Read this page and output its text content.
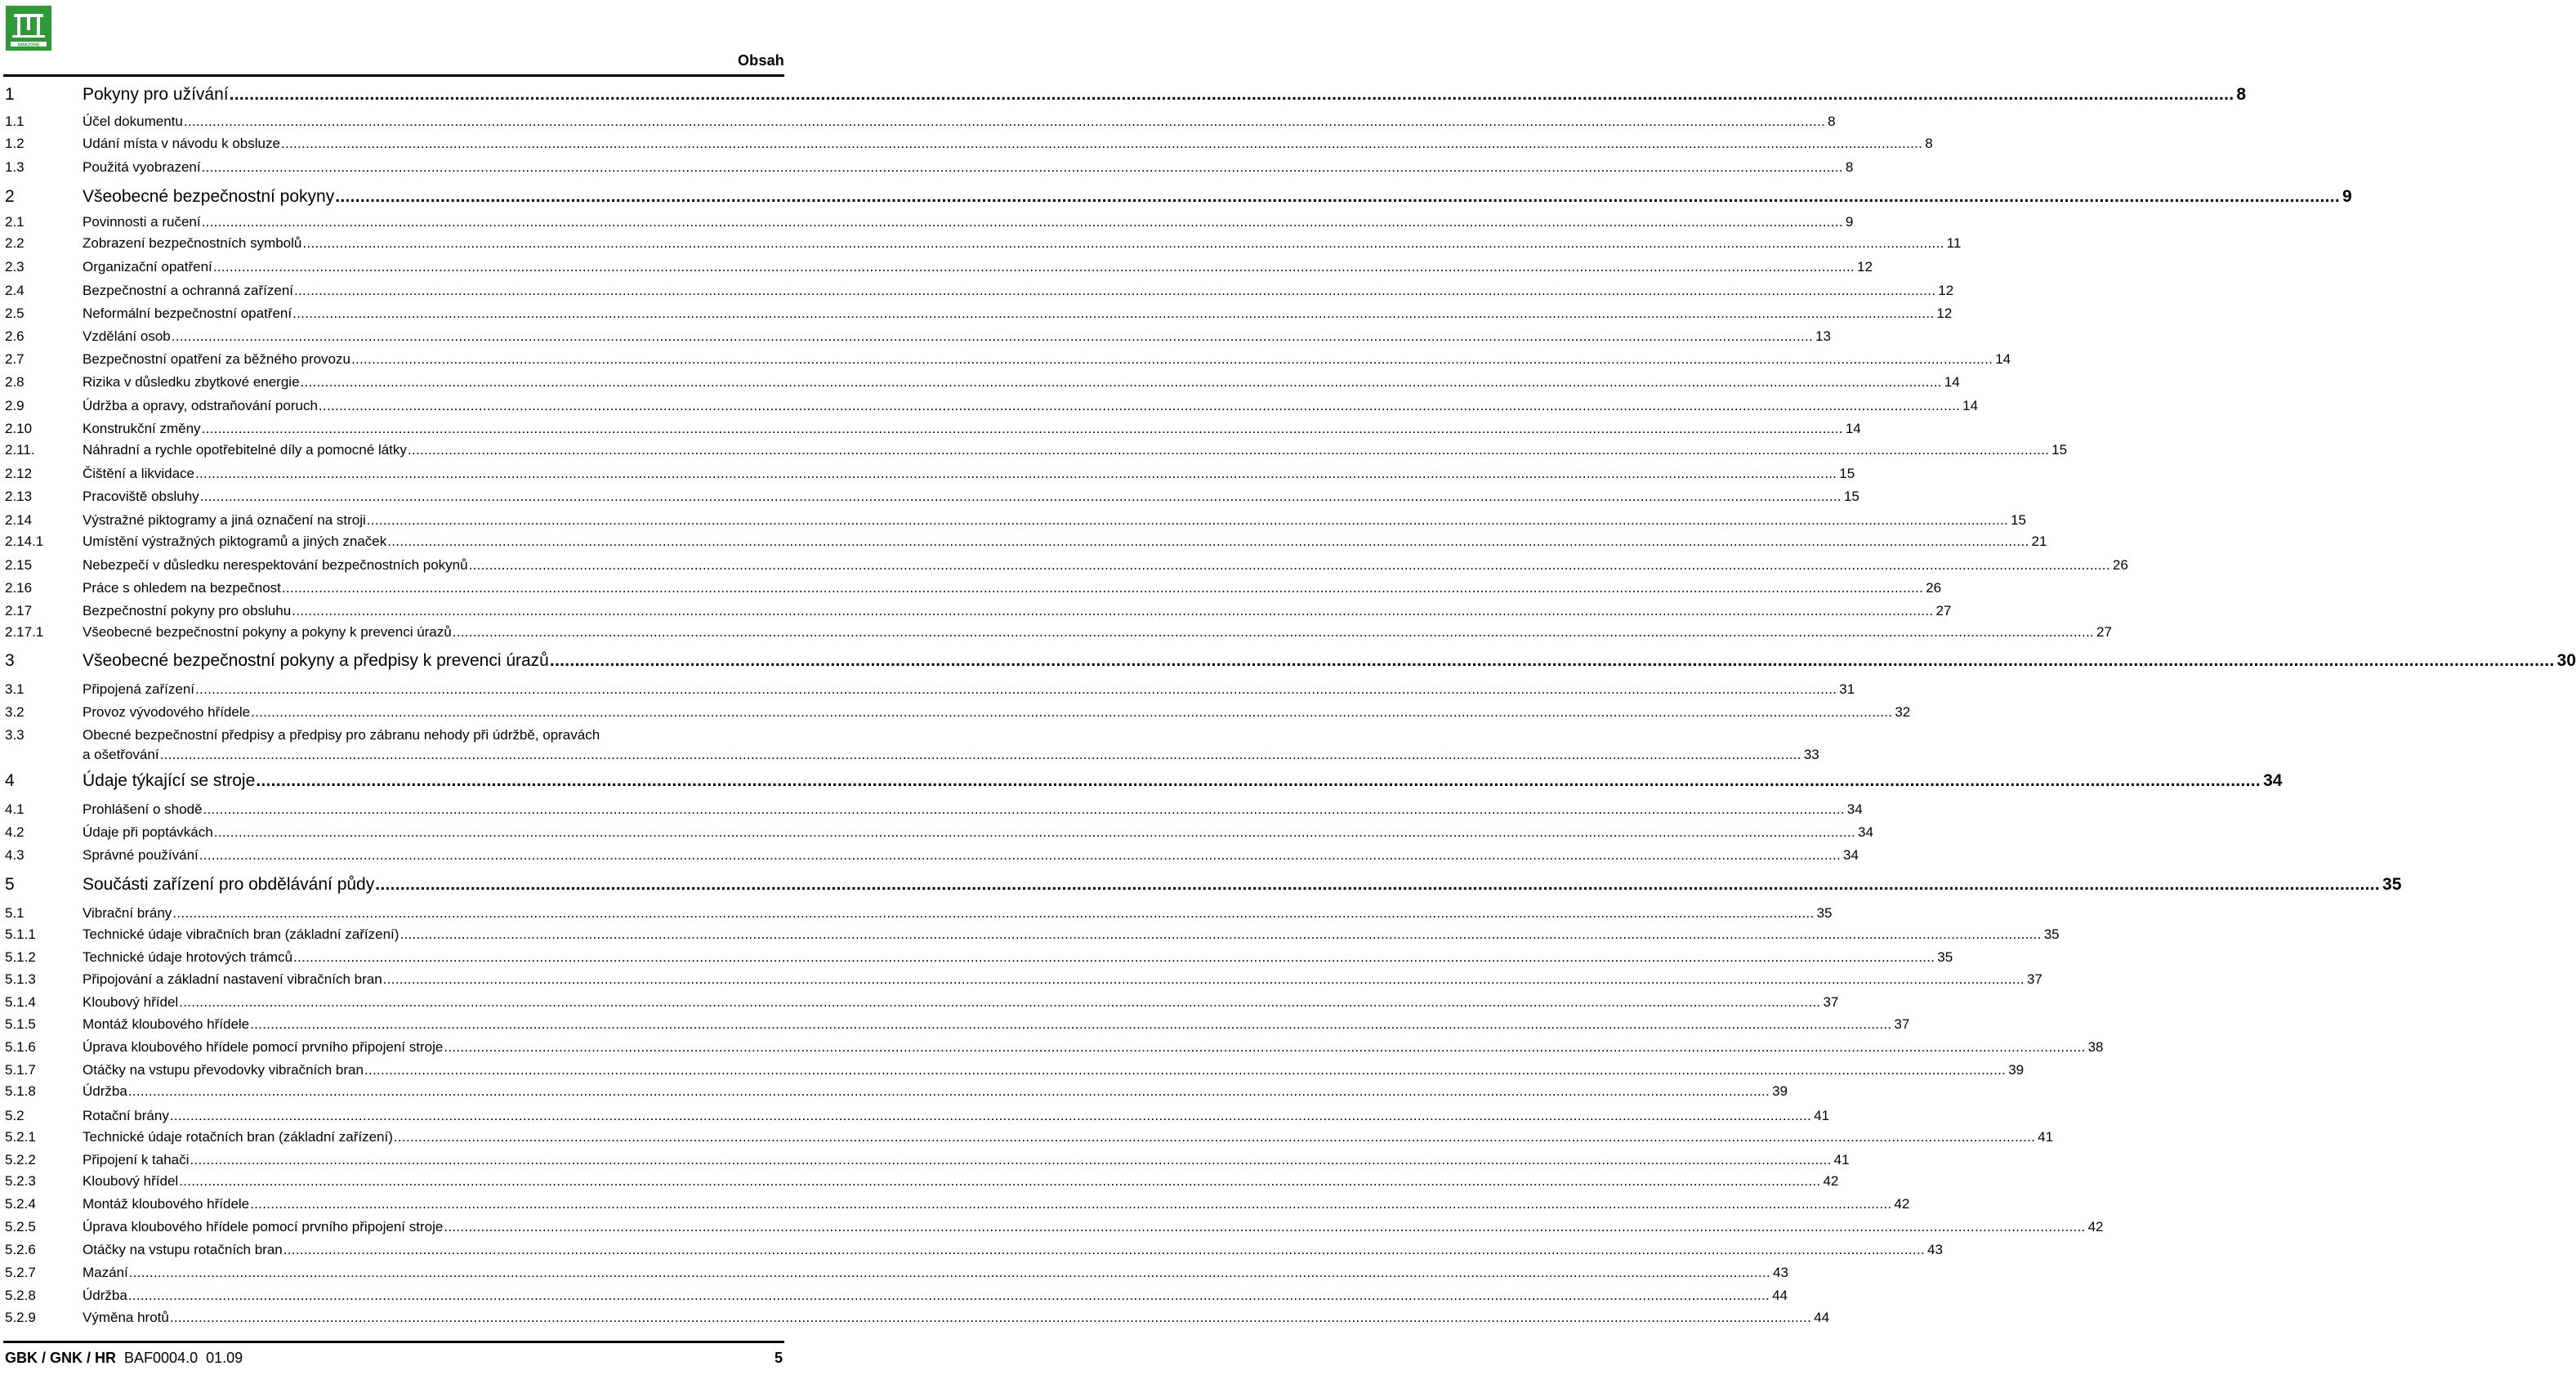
AMAZONE
Obsah
1	Pokyny pro užívání ................................................................................................................................................................................................................................................................................................................................................................................................................ 8
1.1	Účel dokumentu ................................................................................................................................................................................................................................................................................................................................................................................................................ 8
1.2	Udání místa v návodu k obsluze ................................................................................................................................................................................................................................................................................................................................................................................................................ 8
1.3	Použitá vyobrazení ................................................................................................................................................................................................................................................................................................................................................................................................................ 8
2	Všeobecné bezpečnostní pokyny ................................................................................................................................................................................................................................................................................................................................................................................................................ 9
2.1	Povinnosti a ručení ................................................................................................................................................................................................................................................................................................................................................................................................................ 9
2.2	Zobrazení bezpečnostních symbolů ................................................................................................................................................................................................................................................................................................................................................................................................................ 11
2.3	Organizační opatření ................................................................................................................................................................................................................................................................................................................................................................................................................ 12
2.4	Bezpečnostní a ochranná zařízení ................................................................................................................................................................................................................................................................................................................................................................................................................ 12
2.5	Neformální bezpečnostní opatření ................................................................................................................................................................................................................................................................................................................................................................................................................ 12
2.6	Vzdělání osob ................................................................................................................................................................................................................................................................................................................................................................................................................ 13
2.7	Bezpečnostní opatření za běžného provozu ................................................................................................................................................................................................................................................................................................................................................................................................................ 14
2.8	Rizika v důsledku zbytkové energie ................................................................................................................................................................................................................................................................................................................................................................................................................ 14
2.9	Údržba a opravy, odstraňování poruch ................................................................................................................................................................................................................................................................................................................................................................................................................ 14
2.10	Konstrukční změny ................................................................................................................................................................................................................................................................................................................................................................................................................ 14
2.11.	Náhradní a rychle opotřebitelné díly a pomocné látky ................................................................................................................................................................................................................................................................................................................................................................................................................ 15
2.12	Čištění a likvidace ................................................................................................................................................................................................................................................................................................................................................................................................................ 15
2.13	Pracoviště obsluhy ................................................................................................................................................................................................................................................................................................................................................................................................................ 15
2.14	Výstražné piktogramy a jiná označení na stroji ................................................................................................................................................................................................................................................................................................................................................................................................................ 15
2.14.1	Umístění výstražných piktogramů a jiných značek ................................................................................................................................................................................................................................................................................................................................................................................................................ 21
2.15	Nebezpečí v důsledku nerespektování bezpečnostních pokynů ................................................................................................................................................................................................................................................................................................................................................................................................................ 26
2.16	Práce s ohledem na bezpečnost ................................................................................................................................................................................................................................................................................................................................................................................................................ 26
2.17	Bezpečnostní pokyny pro obsluhu ................................................................................................................................................................................................................................................................................................................................................................................................................ 27
2.17.1	Všeobecné bezpečnostní pokyny a pokyny k prevenci úrazů ................................................................................................................................................................................................................................................................................................................................................................................................................ 27
3	Všeobecné bezpečnostní pokyny a předpisy k prevenci úrazů ................................................................................................................................................................................................................................................................................................................................................................................................................ 30
3.1	Připojená zařízení ................................................................................................................................................................................................................................................................................................................................................................................................................ 31
3.2	Provoz vývodového hřídele ................................................................................................................................................................................................................................................................................................................................................................................................................ 32
3.3	Obecné bezpečnostní předpisy a předpisy pro zábranu nehody při údržbě, opravách
a ošetřování ................................................................................................................................................................................................................................................................................................................................................................................................................ 33
4	Údaje týkající se stroje ................................................................................................................................................................................................................................................................................................................................................................................................................ 34
4.1	Prohlášení o shodě ................................................................................................................................................................................................................................................................................................................................................................................................................ 34
4.2	Údaje při poptávkách ................................................................................................................................................................................................................................................................................................................................................................................................................ 34
4.3	Správné používání ................................................................................................................................................................................................................................................................................................................................................................................................................ 34
5	Součásti zařízení pro obdělávání půdy ................................................................................................................................................................................................................................................................................................................................................................................................................ 35
5.1	Vibrační brány ................................................................................................................................................................................................................................................................................................................................................................................................................ 35
5.1.1	Technické údaje vibračních bran (základní zařízení) ................................................................................................................................................................................................................................................................................................................................................................................................................ 35
5.1.2	Technické údaje hrotových trámců ................................................................................................................................................................................................................................................................................................................................................................................................................ 35
5.1.3	Připojování a základní nastavení vibračních bran ................................................................................................................................................................................................................................................................................................................................................................................................................ 37
5.1.4	Kloubový hřídel ................................................................................................................................................................................................................................................................................................................................................................................................................ 37
5.1.5	Montáž kloubového hřídele ................................................................................................................................................................................................................................................................................................................................................................................................................ 37
5.1.6	Úprava kloubového hřídele pomocí prvního připojení stroje ................................................................................................................................................................................................................................................................................................................................................................................................................ 38
5.1.7	Otáčky na vstupu převodovky vibračních bran ................................................................................................................................................................................................................................................................................................................................................................................................................ 39
5.1.8	Údržba ................................................................................................................................................................................................................................................................................................................................................................................................................ 39
5.2	Rotační brány ................................................................................................................................................................................................................................................................................................................................................................................................................ 41
5.2.1	Technické údaje rotačních bran (základní zařízení) ................................................................................................................................................................................................................................................................................................................................................................................................................ 41
5.2.2	Připojení k tahači ................................................................................................................................................................................................................................................................................................................................................................................................................ 41
5.2.3	Kloubový hřídel ................................................................................................................................................................................................................................................................................................................................................................................................................ 42
5.2.4	Montáž kloubového hřídele ................................................................................................................................................................................................................................................................................................................................................................................................................ 42
5.2.5	Úprava kloubového hřídele pomocí prvního připojení stroje ................................................................................................................................................................................................................................................................................................................................................................................................................ 42
5.2.6	Otáčky na vstupu rotačních bran ................................................................................................................................................................................................................................................................................................................................................................................................................ 43
5.2.7	Mazání ................................................................................................................................................................................................................................................................................................................................................................................................................ 43
5.2.8	Údržba ................................................................................................................................................................................................................................................................................................................................................................................................................ 44
5.2.9	Výměna hrotů ................................................................................................................................................................................................................................................................................................................................................................................................................ 44
GBK / GNK / HR BAF0004.0 01.09	5
